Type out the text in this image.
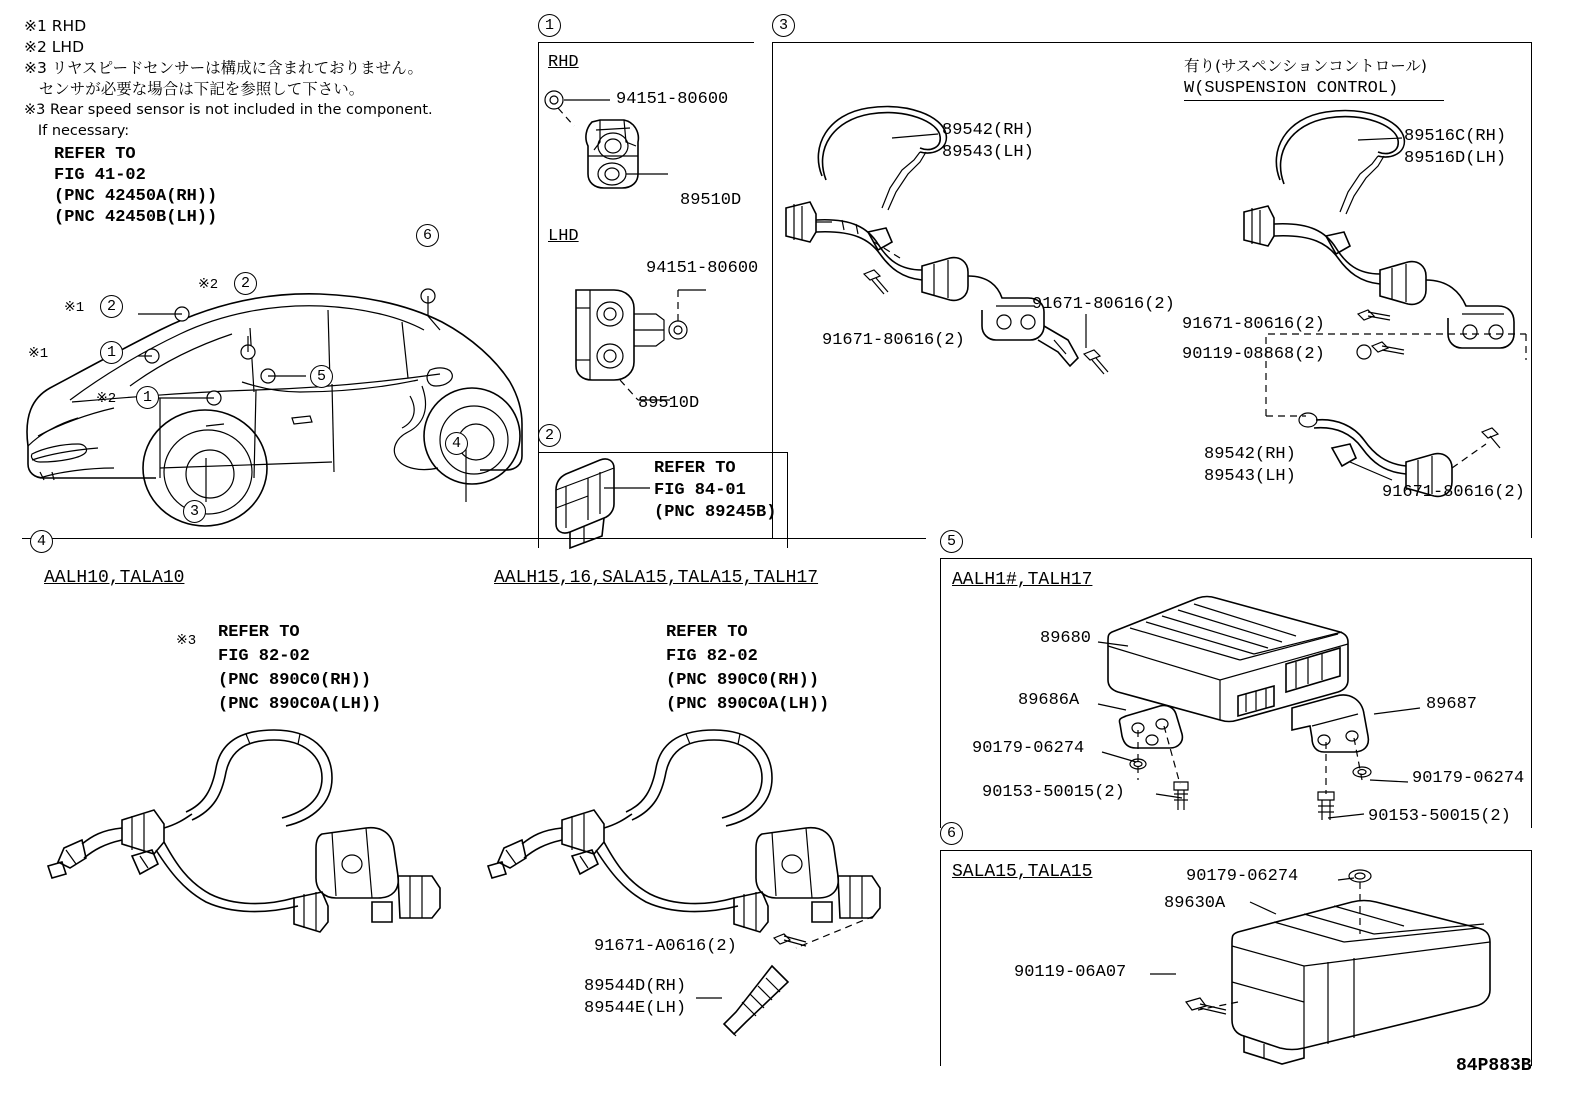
※1 RHD
※2 LHD
※3 リヤスピードセンサーは構成に含まれておりません。
センサが必要な場合は下記を参照して下さい。
※3 Rear speed sensor is not included in the component.
If necessary:
REFER TO
FIG 41-02
(PNC 42450A(RH))
(PNC 42450B(LH))
2
※1
2
※2
1
※1
1
※2
3
4
5
6
1
RHD
LHD
94151-80600
89510D
94151-80600
89510D
2
REFER TO
FIG 84-01
(PNC 89245B)
3
89542(RH)
89543(LH)
91671-80616(2)
91671-80616(2)
有り(サスペンションコントロール)
W(SUSPENSION CONTROL)
89516C(RH)
89516D(LH)
91671-80616(2)
90119-08868(2)
89542(RH)
89543(LH)
91671-80616(2)
4
AALH10,TALA10	AALH15,16,SALA15,TALA15,TALH17
※3 REFER TO
FIG 82-02
(PNC 890C0(RH))
(PNC 890C0A(LH))
REFER TO
FIG 82-02
(PNC 890C0(RH))
(PNC 890C0A(LH))
91671-A0616(2)
89544D(RH)
89544E(LH)
5
AALH1#,TALH17
89680
89686A	89687
90179-06274
90179-06274
90153-50015(2)
90153-50015(2)
6
SALA15,TALA15	90179-06274
89630A
90119-06A07
84P883B
